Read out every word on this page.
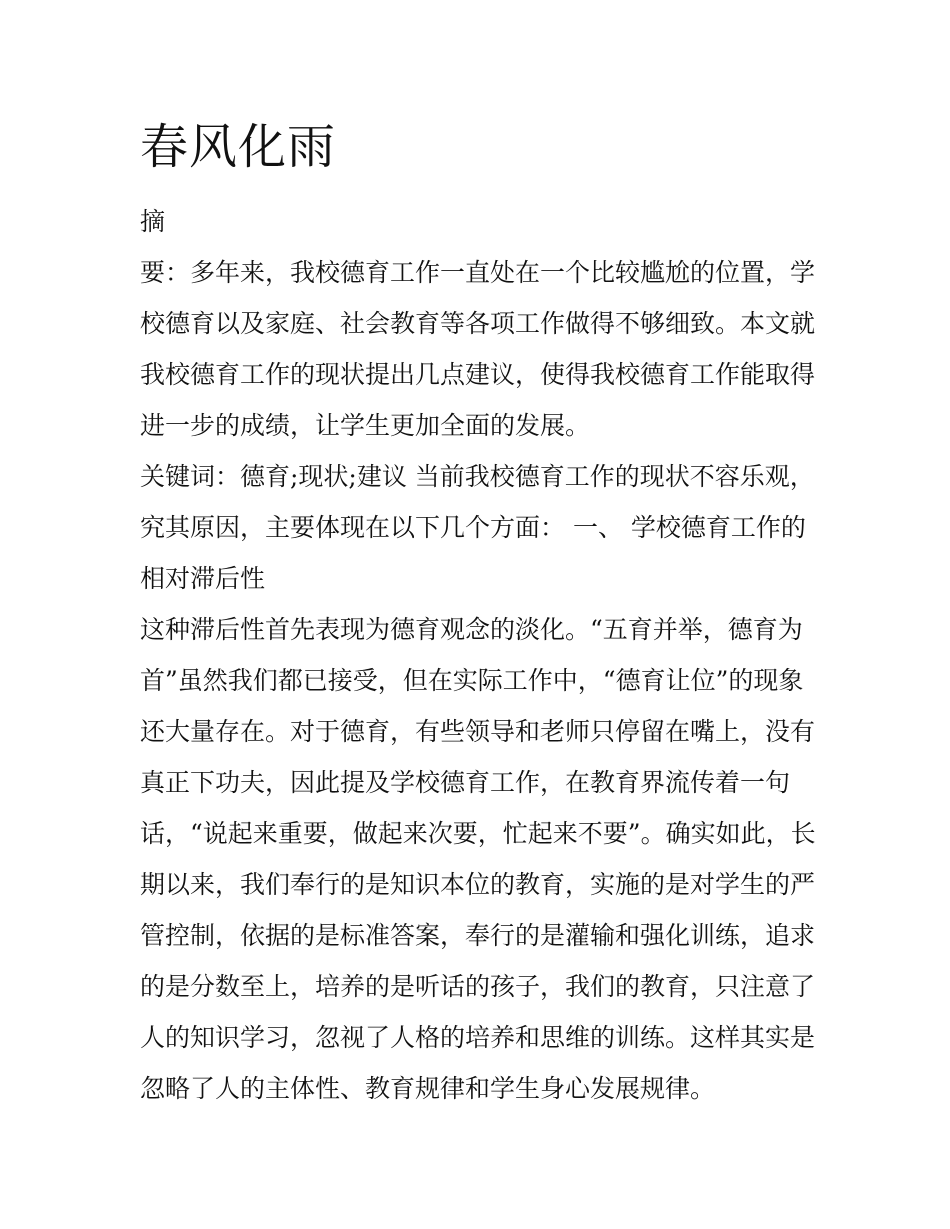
春风化雨

摘

要：多年来，我校德育工作一直处在一个比较尴尬的位置，学

校德育以及家庭、社会教育等各项工作做得不够细致。本文就

我校德育工作的现状提出几点建议，使得我校德育工作能取得

进一步的成绩，让学生更加全面的发展。

关键词：德育;现状;建议 当前我校德育工作的现状不容乐观，

究其原因，主要体现在以下几个方面： 一、 学校德育工作的

相对滞后性

这种滞后性首先表现为德育观念的淡化。“五育并举，德育为

首”虽然我们都已接受，但在实际工作中，“德育让位”的现象

还大量存在。对于德育，有些领导和老师只停留在嘴上，没有

真正下功夫，因此提及学校德育工作，在教育界流传着一句

话，“说起来重要，做起来次要，忙起来不要”。确实如此，长

期以来，我们奉行的是知识本位的教育，实施的是对学生的严

管控制，依据的是标准答案，奉行的是灌输和强化训练，追求

的是分数至上，培养的是听话的孩子，我们的教育，只注意了

人的知识学习，忽视了人格的培养和思维的训练。这样其实是

忽略了人的主体性、教育规律和学生身心发展规律。
